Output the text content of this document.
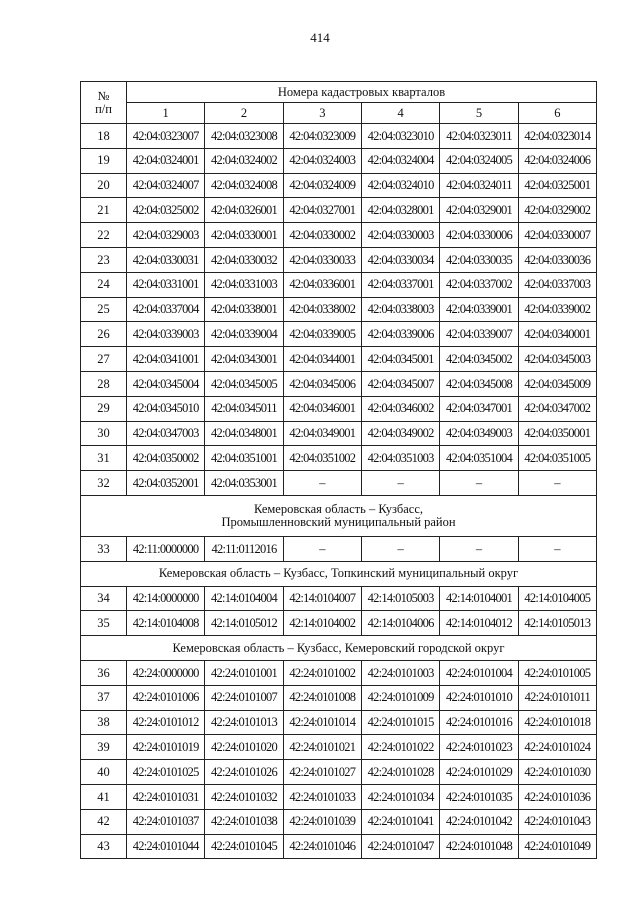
414
№
п/п	Номера кадастровых кварталов					
	1	2	3	4	5	6
18	42:04:0323007	42:04:0323008	42:04:0323009	42:04:0323010	42:04:0323011	42:04:0323014
19	42:04:0324001	42:04:0324002	42:04:0324003	42:04:0324004	42:04:0324005	42:04:0324006
20	42:04:0324007	42:04:0324008	42:04:0324009	42:04:0324010	42:04:0324011	42:04:0325001
21	42:04:0325002	42:04:0326001	42:04:0327001	42:04:0328001	42:04:0329001	42:04:0329002
22	42:04:0329003	42:04:0330001	42:04:0330002	42:04:0330003	42:04:0330006	42:04:0330007
23	42:04:0330031	42:04:0330032	42:04:0330033	42:04:0330034	42:04:0330035	42:04:0330036
24	42:04:0331001	42:04:0331003	42:04:0336001	42:04:0337001	42:04:0337002	42:04:0337003
25	42:04:0337004	42:04:0338001	42:04:0338002	42:04:0338003	42:04:0339001	42:04:0339002
26	42:04:0339003	42:04:0339004	42:04:0339005	42:04:0339006	42:04:0339007	42:04:0340001
27	42:04:0341001	42:04:0343001	42:04:0344001	42:04:0345001	42:04:0345002	42:04:0345003
28	42:04:0345004	42:04:0345005	42:04:0345006	42:04:0345007	42:04:0345008	42:04:0345009
29	42:04:0345010	42:04:0345011	42:04:0346001	42:04:0346002	42:04:0347001	42:04:0347002
30	42:04:0347003	42:04:0348001	42:04:0349001	42:04:0349002	42:04:0349003	42:04:0350001
31	42:04:0350002	42:04:0351001	42:04:0351002	42:04:0351003	42:04:0351004	42:04:0351005
32	42:04:0352001	42:04:0353001	–	–	–	–
Кемеровская область – Кузбасс,
Промышленновский муниципальный район						
33	42:11:0000000	42:11:0112016	–	–	–	–
Кемеровская область – Кузбасс, Топкинский муниципальный округ						
34	42:14:0000000	42:14:0104004	42:14:0104007	42:14:0105003	42:14:0104001	42:14:0104005
35	42:14:0104008	42:14:0105012	42:14:0104002	42:14:0104006	42:14:0104012	42:14:0105013
Кемеровская область – Кузбасс, Кемеровский городской округ						
36	42:24:0000000	42:24:0101001	42:24:0101002	42:24:0101003	42:24:0101004	42:24:0101005
37	42:24:0101006	42:24:0101007	42:24:0101008	42:24:0101009	42:24:0101010	42:24:0101011
38	42:24:0101012	42:24:0101013	42:24:0101014	42:24:0101015	42:24:0101016	42:24:0101018
39	42:24:0101019	42:24:0101020	42:24:0101021	42:24:0101022	42:24:0101023	42:24:0101024
40	42:24:0101025	42:24:0101026	42:24:0101027	42:24:0101028	42:24:0101029	42:24:0101030
41	42:24:0101031	42:24:0101032	42:24:0101033	42:24:0101034	42:24:0101035	42:24:0101036
42	42:24:0101037	42:24:0101038	42:24:0101039	42:24:0101041	42:24:0101042	42:24:0101043
43	42:24:0101044	42:24:0101045	42:24:0101046	42:24:0101047	42:24:0101048	42:24:0101049
